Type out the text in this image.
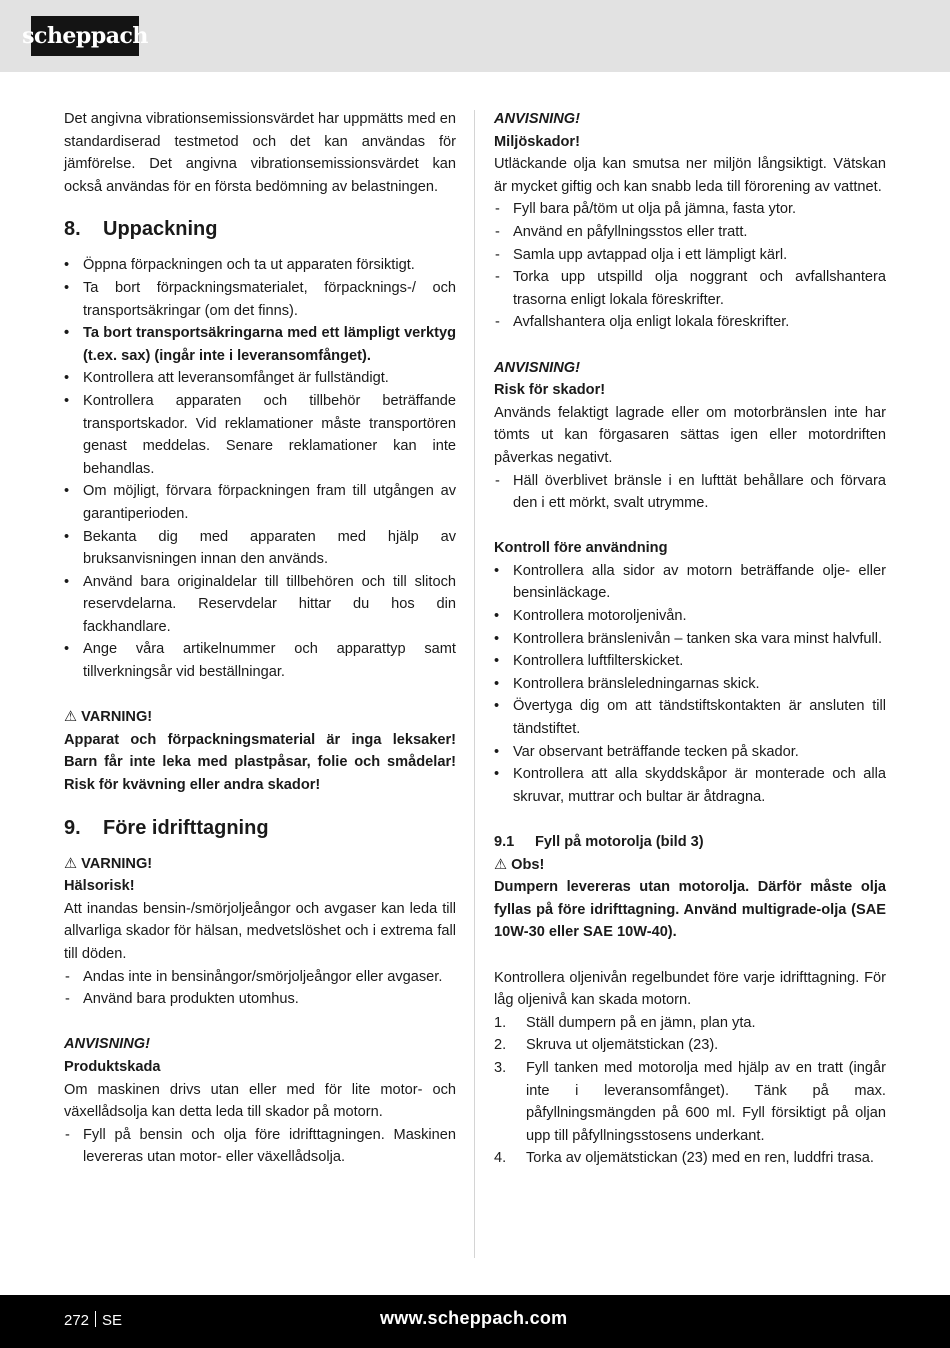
scheppach

Det angivna vibrationsemissionsvärdet har uppmätts med en standardiserad testmetod och det kan användas för jämförelse. Det angivna vibrationsemissionsvärdet kan också användas för en första bedömning av belastningen.

8. Uppackning
• Öppna förpackningen och ta ut apparaten försiktigt.
• Ta bort förpackningsmaterialet, förpacknings-/ och transportsäkringar (om det finns).
• Ta bort transportsäkringarna med ett lämpligt verktyg (t.ex. sax) (ingår inte i leveransomfånget).
• Kontrollera att leveransomfånget är fullständigt.
• Kontrollera apparaten och tillbehör beträffande transportskador. Vid reklamationer måste transportören genast meddelas. Senare reklamationer kan inte behandlas.
• Om möjligt, förvara förpackningen fram till utgången av garantiperioden.
• Bekanta dig med apparaten med hjälp av bruksanvisningen innan den används.
• Använd bara originaldelar till tillbehören och till slitoch reservdelarna. Reservdelar hittar du hos din fackhandlare.
• Ange våra artikelnummer och apparattyp samt tillverkningsår vid beställningar.

⚠ VARNING!

Apparat och förpackningsmaterial är inga leksaker! Barn får inte leka med plastpåsar, folie och smådelar! Risk för kvävning eller andra skador!

9. Före idrifttagning

⚠ VARNING!

Hälsorisk!

Att inandas bensin-/smörjoljeångor och avgaser kan leda till allvarliga skador för hälsan, medvetslöshet och i extrema fall till döden.

- Andas inte in bensinångor/smörjoljeångor eller avgaser.
- Använd bara produkten utomhus.

ANVISNING!

Produktskada

Om maskinen drivs utan eller med för lite motor- och växellådsolja kan detta leda till skador på motorn.

- Fyll på bensin och olja före idrifttagningen. Maskinen levereras utan motor- eller växellådsolja.

ANVISNING!

Miljöskador!

Utläckande olja kan smutsa ner miljön långsiktigt. Vätskan är mycket giftig och kan snabb leda till förorening av vattnet.

- Fyll bara på/töm ut olja på jämna, fasta ytor.
- Använd en påfyllningsstos eller tratt.
- Samla upp avtappad olja i ett lämpligt kärl.
- Torka upp utspilld olja noggrant och avfallshantera trasorna enligt lokala föreskrifter.
- Avfallshantera olja enligt lokala föreskrifter.

ANVISNING!

Risk för skador!

Används felaktigt lagrade eller om motorbränslen inte har tömts ut kan förgasaren sättas igen eller motordriften påverkas negativt.

- Häll överblivet bränsle i en lufttät behållare och förvara den i ett mörkt, svalt utrymme.

Kontroll före användning

• Kontrollera alla sidor av motorn beträffande olje- eller bensinläckage.
• Kontrollera motoroljenivån.
• Kontrollera bränslenivån – tanken ska vara minst halvfull.
• Kontrollera luftfilterskicket.
• Kontrollera bränsleledningarnas skick.
• Övertyga dig om att tändstiftskontakten är ansluten till tändstiftet.
• Var observant beträffande tecken på skador.
• Kontrollera att alla skyddskåpor är monterade och alla skruvar, muttrar och bultar är åtdragna.

9.1 Fyll på motorolja (bild 3)

⚠ Obs!

Dumpern levereras utan motorolja. Därför måste olja fyllas på före idrifttagning. Använd multigrade-olja (SAE 10W-30 eller SAE 10W-40).

Kontrollera oljenivån regelbundet före varje idrifttagning. För låg oljenivå kan skada motorn.

1. Ställ dumpern på en jämn, plan yta.
2. Skruva ut oljemätstickan (23).
3. Fyll tanken med motorolja med hjälp av en tratt (ingår inte i leveransomfånget). Tänk på max. påfyllningsmängden på 600 ml. Fyll försiktigt på oljan upp till påfyllningsstosens underkant.
4. Torka av oljemätstickan (23) med en ren, luddfri trasa.
272 SE	www.scheppach.com
